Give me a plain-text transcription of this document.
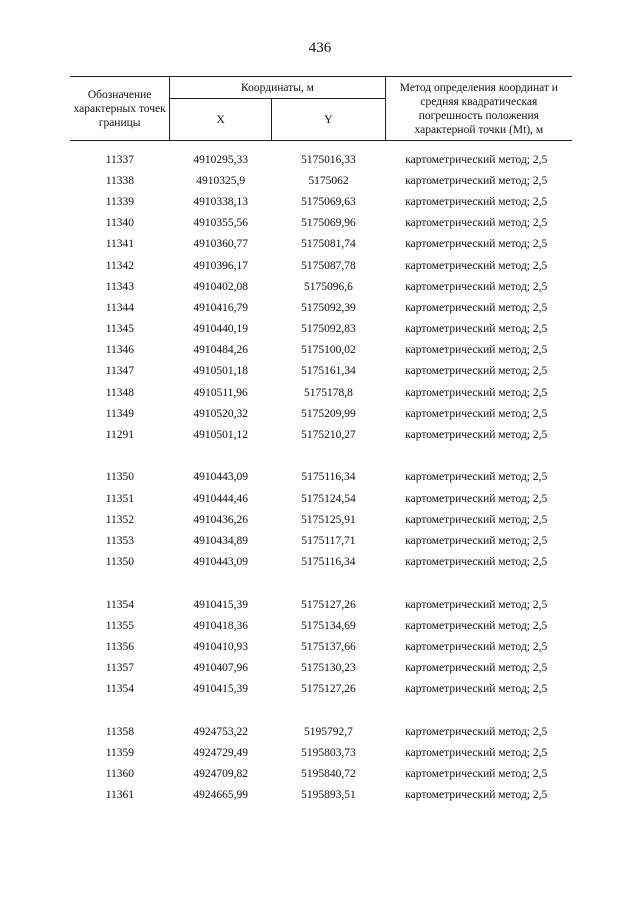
436
Обозначение характерных точек границы	Координаты, м		Метод определения координат и средняя квадратическая погрешность положения характерной точки (Mt), м
	X	Y	

11337	4910295,33	5175016,33	картометрический метод; 2,5
11338	4910325,9	5175062	картометрический метод; 2,5
11339	4910338,13	5175069,63	картометрический метод; 2,5
11340	4910355,56	5175069,96	картометрический метод; 2,5
11341	4910360,77	5175081,74	картометрический метод; 2,5
11342	4910396,17	5175087,78	картометрический метод; 2,5
11343	4910402,08	5175096,6	картометрический метод; 2,5
11344	4910416,79	5175092,39	картометрический метод; 2,5
11345	4910440,19	5175092,83	картометрический метод; 2,5
11346	4910484,26	5175100,02	картометрический метод; 2,5
11347	4910501,18	5175161,34	картометрический метод; 2,5
11348	4910511,96	5175178,8	картометрический метод; 2,5
11349	4910520,32	5175209,99	картометрический метод; 2,5
11291	4910501,12	5175210,27	картометрический метод; 2,5

11350	4910443,09	5175116,34	картометрический метод; 2,5
11351	4910444,46	5175124,54	картометрический метод; 2,5
11352	4910436,26	5175125,91	картометрический метод; 2,5
11353	4910434,89	5175117,71	картометрический метод; 2,5
11350	4910443,09	5175116,34	картометрический метод; 2,5

11354	4910415,39	5175127,26	картометрический метод; 2,5
11355	4910418,36	5175134,69	картометрический метод; 2,5
11356	4910410,93	5175137,66	картометрический метод; 2,5
11357	4910407,96	5175130,23	картометрический метод; 2,5
11354	4910415,39	5175127,26	картометрический метод; 2,5

11358	4924753,22	5195792,7	картометрический метод; 2,5
11359	4924729,49	5195803,73	картометрический метод; 2,5
11360	4924709,82	5195840,72	картометрический метод; 2,5
11361	4924665,99	5195893,51	картометрический метод; 2,5
